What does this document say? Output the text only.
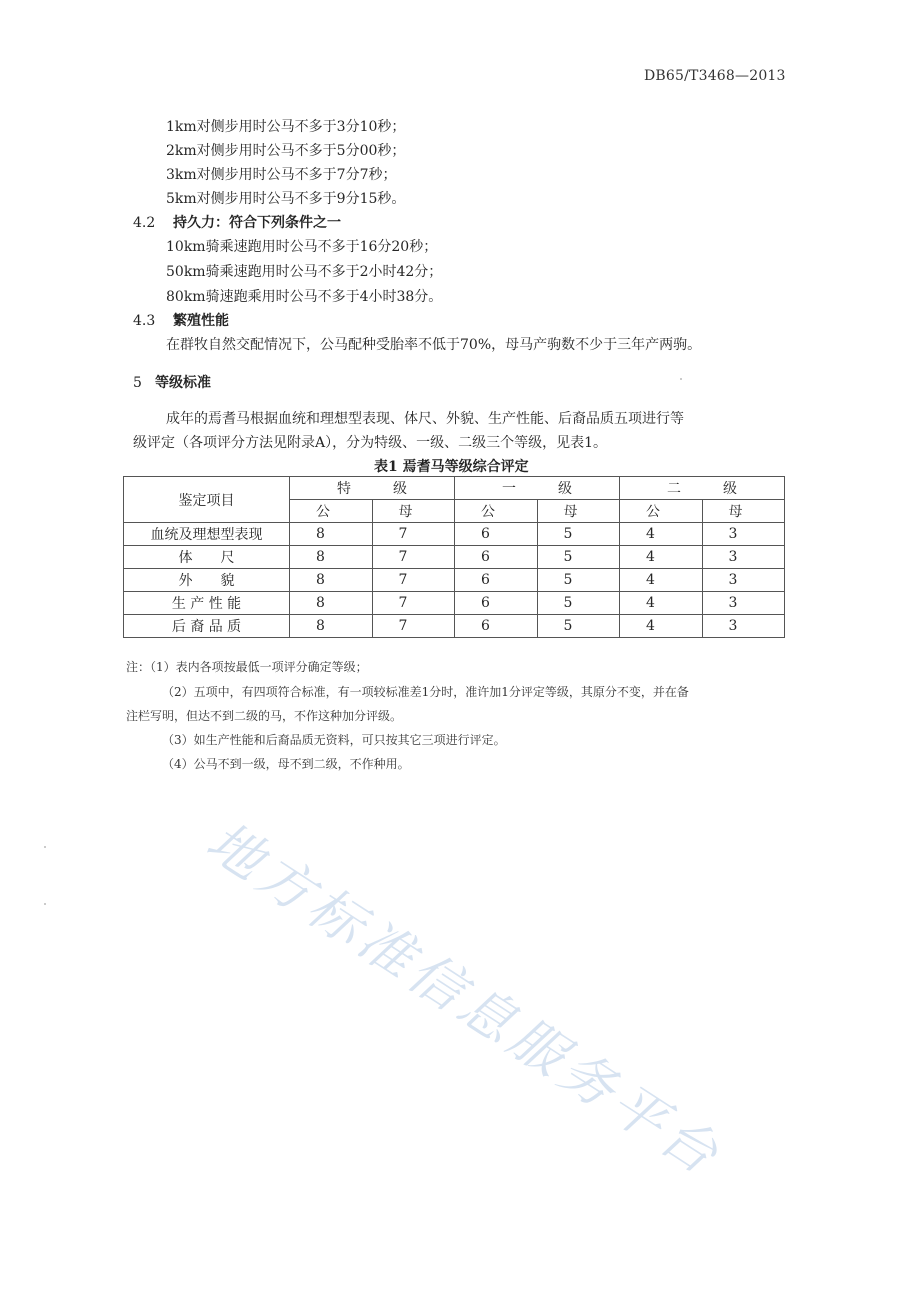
DB65/T3468—2013
1km对侧步用时公马不多于3分10秒；
2km对侧步用时公马不多于5分00秒；
3km对侧步用时公马不多于7分7秒；
5km对侧步用时公马不多于9分15秒。
4.2 持久力：符合下列条件之一
10km骑乘速跑用时公马不多于16分20秒；
50km骑乘速跑用时公马不多于2小时42分；
80km骑速跑乘用时公马不多于4小时38分。
4.3 繁殖性能
在群牧自然交配情况下，公马配种受胎率不低于70%，母马产驹数不少于三年产两驹。
5 等级标准
成年的焉耆马根据血统和理想型表现、体尺、外貌、生产性能、后裔品质五项进行等
级评定（各项评分方法见附录A），分为特级、一级、二级三个等级，见表1。
表1 焉耆马等级综合评定
鉴定项目	特　　　级		一　　　级		二　　　级	
	公	母	公	母	公	母
血统及理想型表现	8	7	6	5	4	3
体　　尺	8	7	6	5	4	3
外　　貌	8	7	6	5	4	3
生 产 性 能	8	7	6	5	4	3
后 裔 品 质	8	7	6	5	4	3
注：（1）表内各项按最低一项评分确定等级；
（2）五项中，有四项符合标准，有一项较标准差1分时，准许加1分评定等级，其原分不变，并在备
注栏写明，但达不到二级的马，不作这种加分评级。
（3）如生产性能和后裔品质无资料，可只按其它三项进行评定。
（4）公马不到一级，母不到二级，不作种用。
地方标准信息服务平台
